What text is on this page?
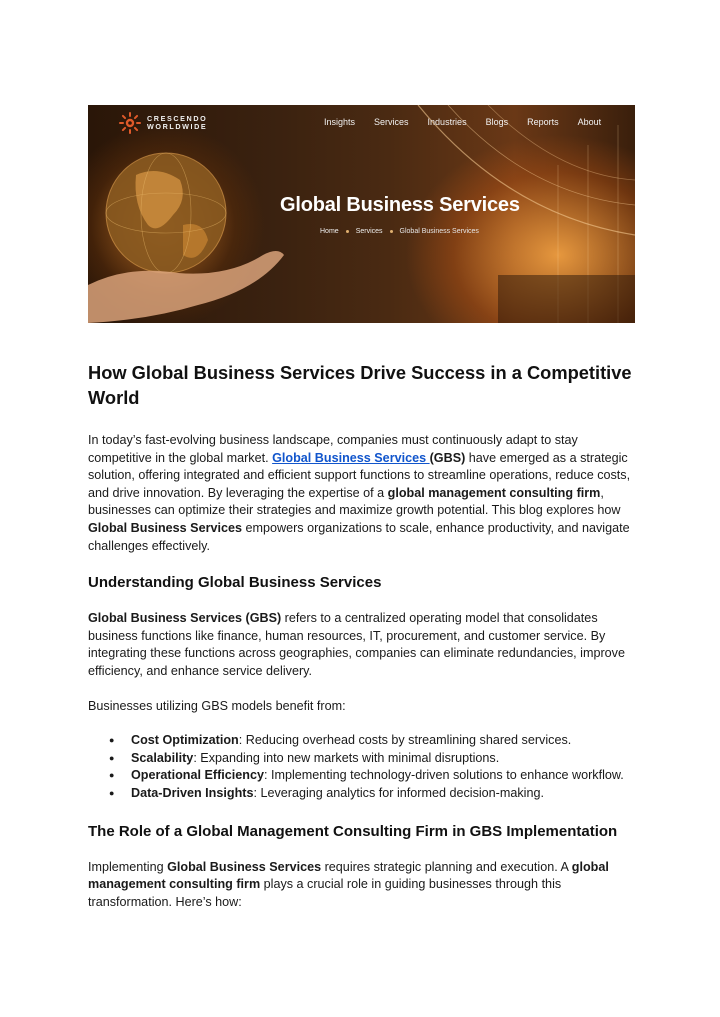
CRESCENDO
WORLDWIDE	Insights Services Industries Blogs Reports About
Global Business Services
Home Services Global Business Services
How Global Business Services Drive Success in a Competitive World

In today’s fast-evolving business landscape, companies must continuously adapt to stay competitive in the global market. Global Business Services (GBS) have emerged as a strategic solution, offering integrated and efficient support functions to streamline operations, reduce costs, and drive innovation. By leveraging the expertise of a global management consulting firm, businesses can optimize their strategies and maximize growth potential. This blog explores how Global Business Services empowers organizations to scale, enhance productivity, and navigate challenges effectively.

Understanding Global Business Services

Global Business Services (GBS) refers to a centralized operating model that consolidates business functions like finance, human resources, IT, procurement, and customer service. By integrating these functions across geographies, companies can eliminate redundancies, improve efficiency, and enhance service delivery.

Businesses utilizing GBS models benefit from:

● Cost Optimization: Reducing overhead costs by streamlining shared services.
● Scalability: Expanding into new markets with minimal disruptions.
● Operational Efficiency: Implementing technology-driven solutions to enhance workflow.
● Data-Driven Insights: Leveraging analytics for informed decision-making.
The Role of a Global Management Consulting Firm in GBS Implementation

Implementing Global Business Services requires strategic planning and execution. A global management consulting firm plays a crucial role in guiding businesses through this transformation. Here’s how:
